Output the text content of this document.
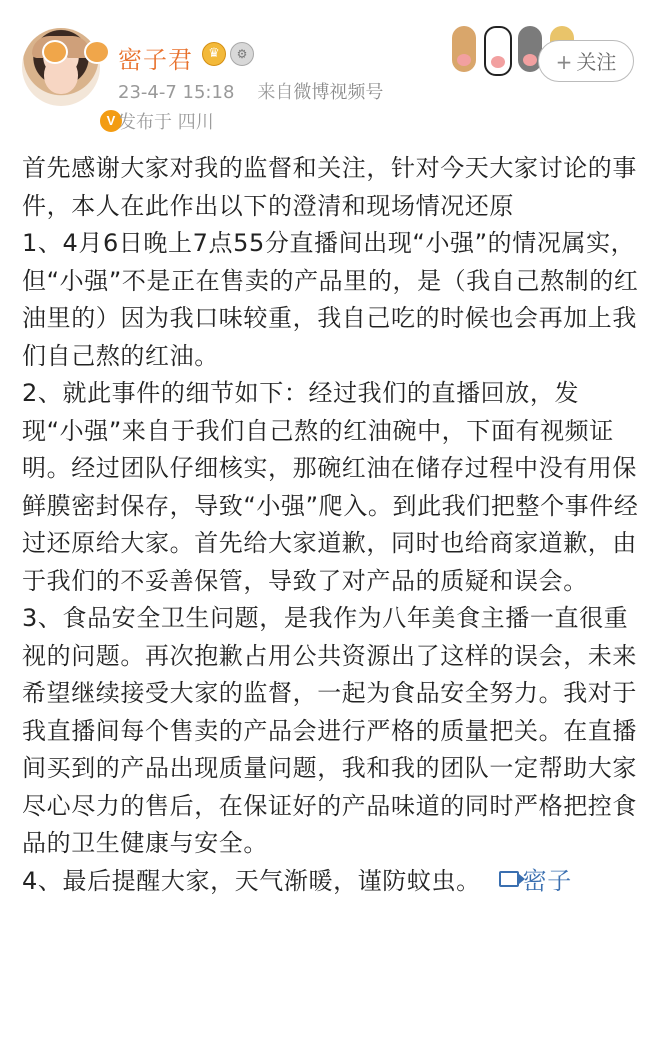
V
密子君	♛	⚙
23-4-7 15:18 来自微博视频号
发布于 四川
+ 关注

首先感谢大家对我的监督和关注，针对今天大家讨论的事件，本人在此作出以下的澄清和现场情况还原

1、4月6日晚上7点55分直播间出现“小强”的情况属实，但“小强”不是正在售卖的产品里的，是（我自己熬制的红油里的）因为我口味较重，我自己吃的时候也会再加上我们自己熬的红油。

2、就此事件的细节如下：经过我们的直播回放，发现“小强”来自于我们自己熬的红油碗中，下面有视频证明。经过团队仔细核实，那碗红油在储存过程中没有用保鲜膜密封保存，导致“小强”爬入。到此我们把整个事件经过还原给大家。首先给大家道歉，同时也给商家道歉，由于我们的不妥善保管，导致了对产品的质疑和误会。

3、食品安全卫生问题，是我作为八年美食主播一直很重视的问题。再次抱歉占用公共资源出了这样的误会，未来希望继续接受大家的监督，一起为食品安全努力。我对于我直播间每个售卖的产品会进行严格的质量把关。在直播间买到的产品出现质量问题，我和我的团队一定帮助大家尽心尽力的售后，在保证好的产品味道的同时严格把控食品的卫生健康与安全。

4、最后提醒大家，天气渐暖，谨防蚊虫。 密子
